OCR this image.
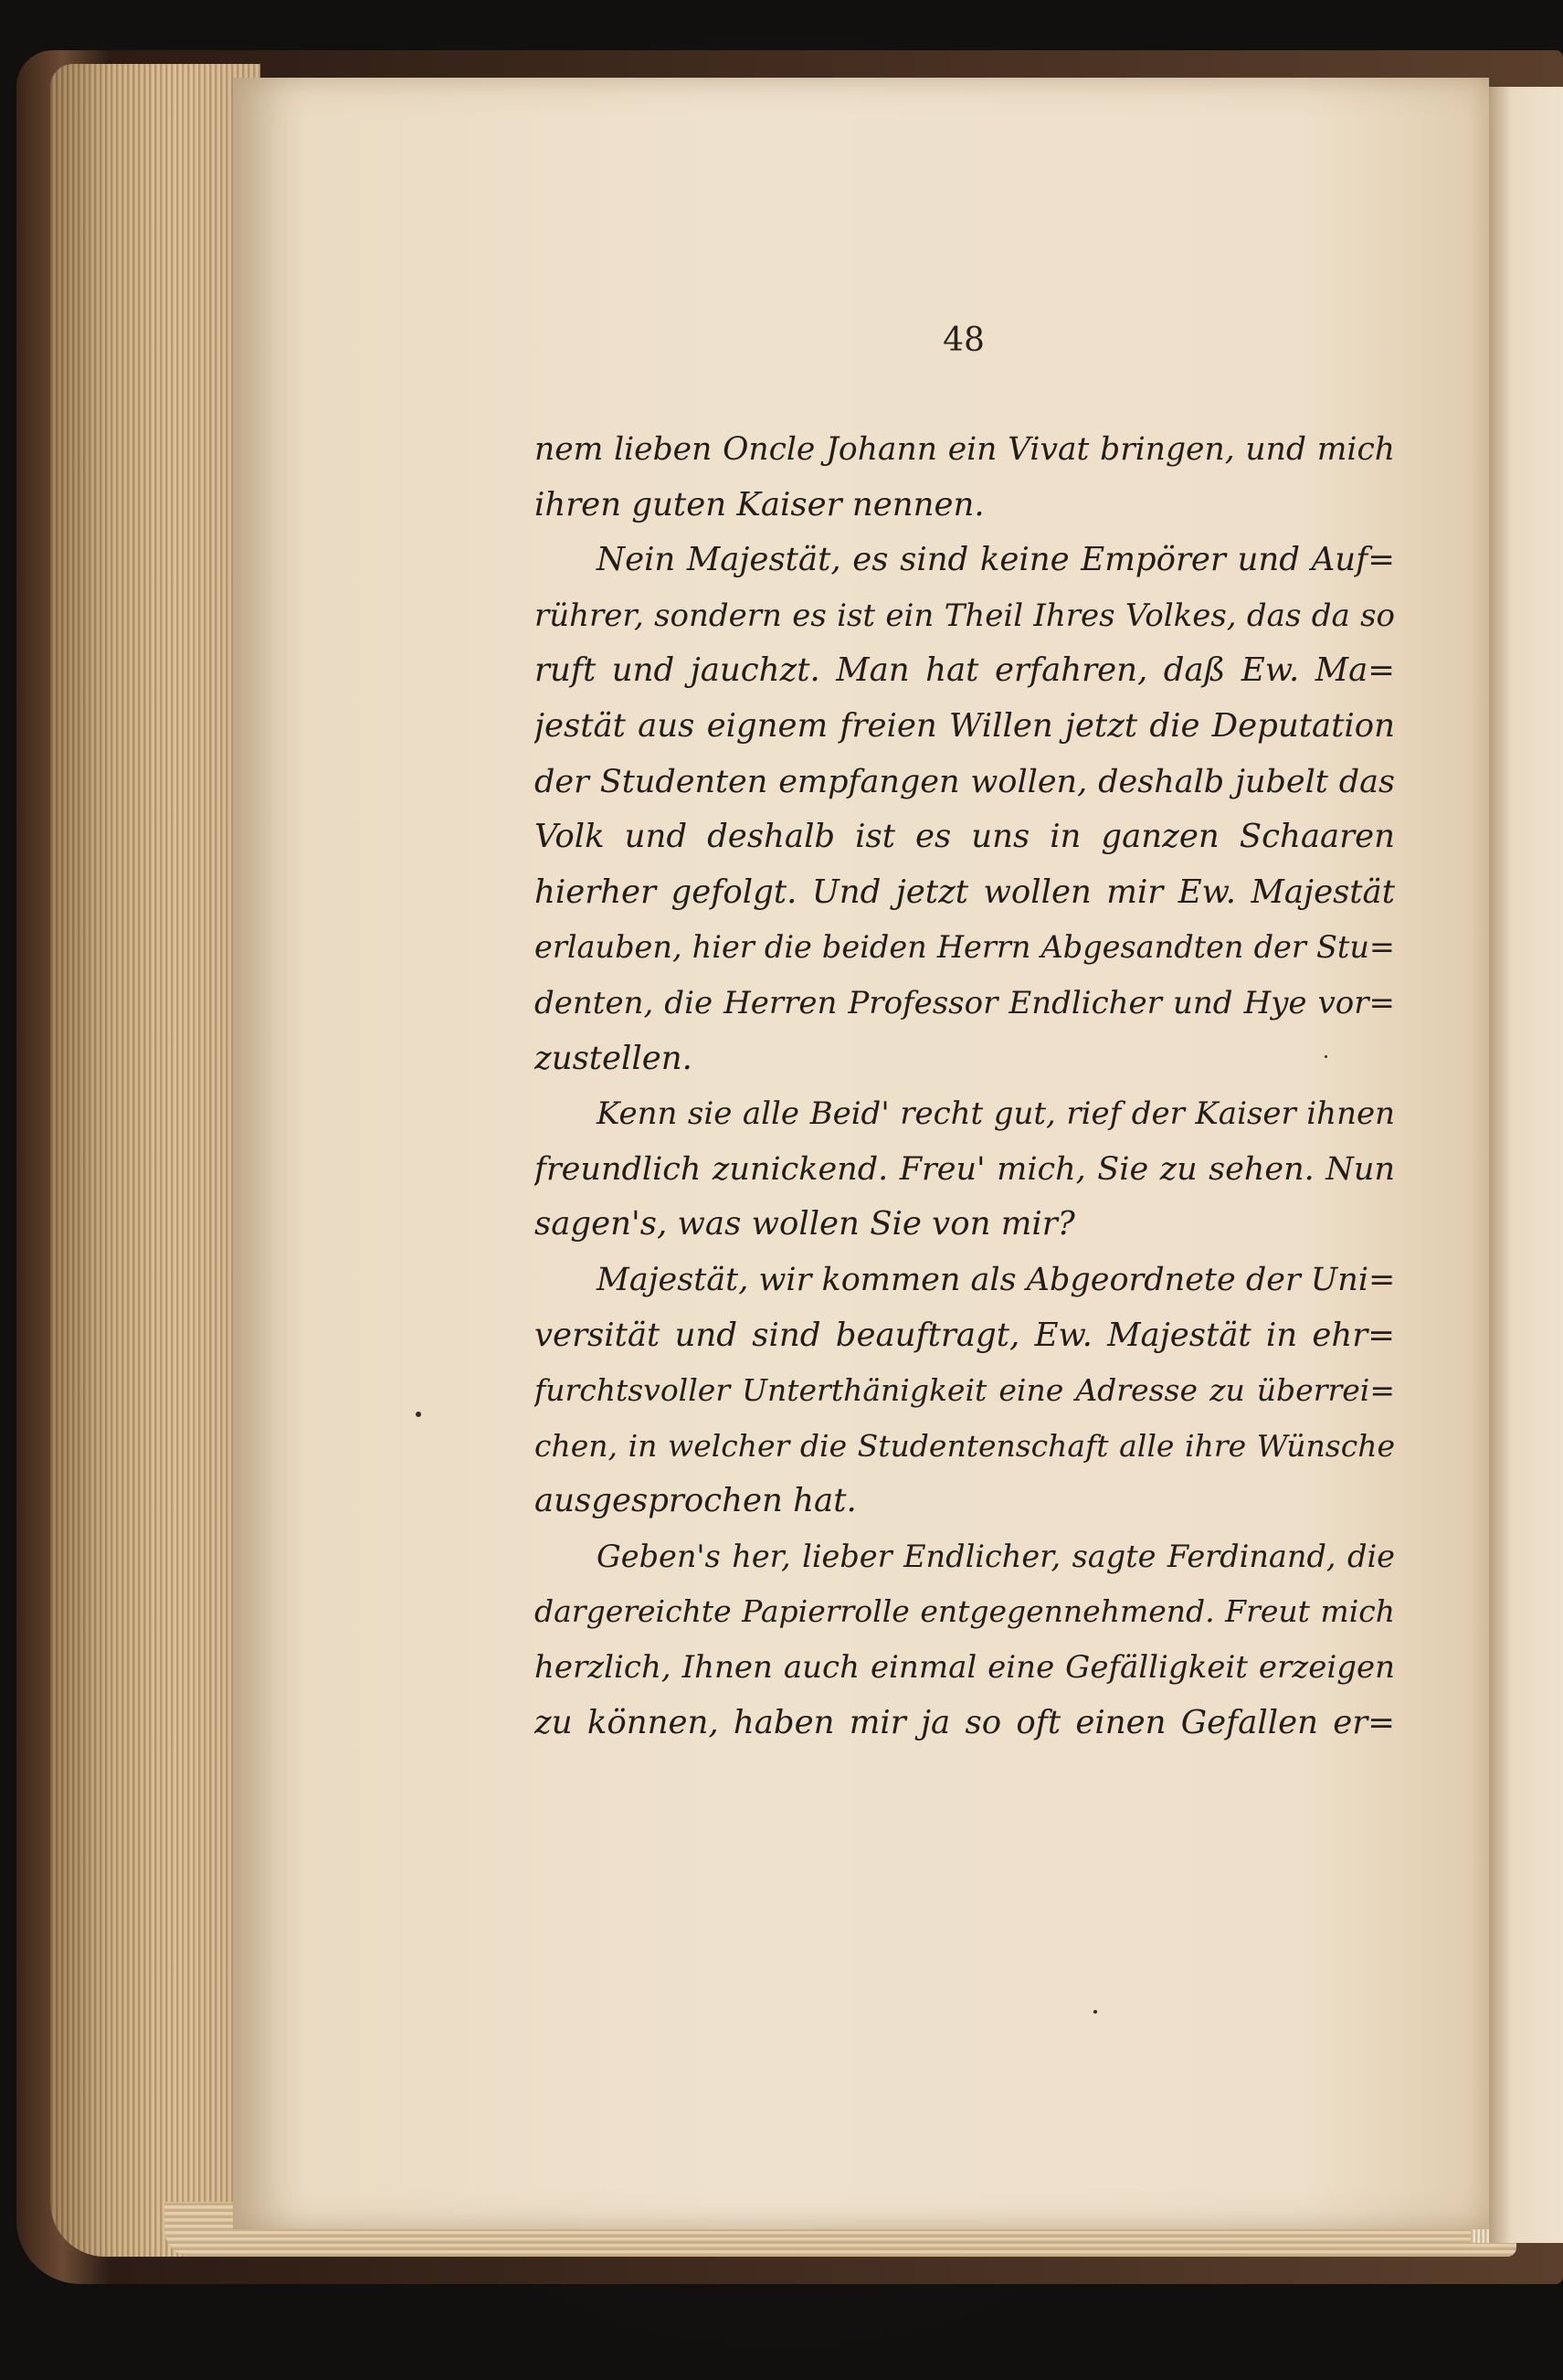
48
nem lieben Oncle Johann ein Vivat bringen, und mich
ihren guten Kaiser nennen.
Nein Majestät, es sind keine Empörer und Auf=
rührer, sondern es ist ein Theil Ihres Volkes, das da so
ruft und jauchzt. Man hat erfahren, daß Ew. Ma=
jestät aus eignem freien Willen jetzt die Deputation
der Studenten empfangen wollen, deshalb jubelt das
Volk und deshalb ist es uns in ganzen Schaaren
hierher gefolgt. Und jetzt wollen mir Ew. Majestät
erlauben, hier die beiden Herrn Abgesandten der Stu=
denten, die Herren Professor Endlicher und Hye vor=
zustellen.
Kenn sie alle Beid' recht gut, rief der Kaiser ihnen
freundlich zunickend. Freu' mich, Sie zu sehen. Nun
sagen's, was wollen Sie von mir?
Majestät, wir kommen als Abgeordnete der Uni=
versität und sind beauftragt, Ew. Majestät in ehr=
furchtsvoller Unterthänigkeit eine Adresse zu überrei=
chen, in welcher die Studentenschaft alle ihre Wünsche
ausgesprochen hat.
Geben's her, lieber Endlicher, sagte Ferdinand, die
dargereichte Papierrolle entgegennehmend. Freut mich
herzlich, Ihnen auch einmal eine Gefälligkeit erzeigen
zu können, haben mir ja so oft einen Gefallen er=
